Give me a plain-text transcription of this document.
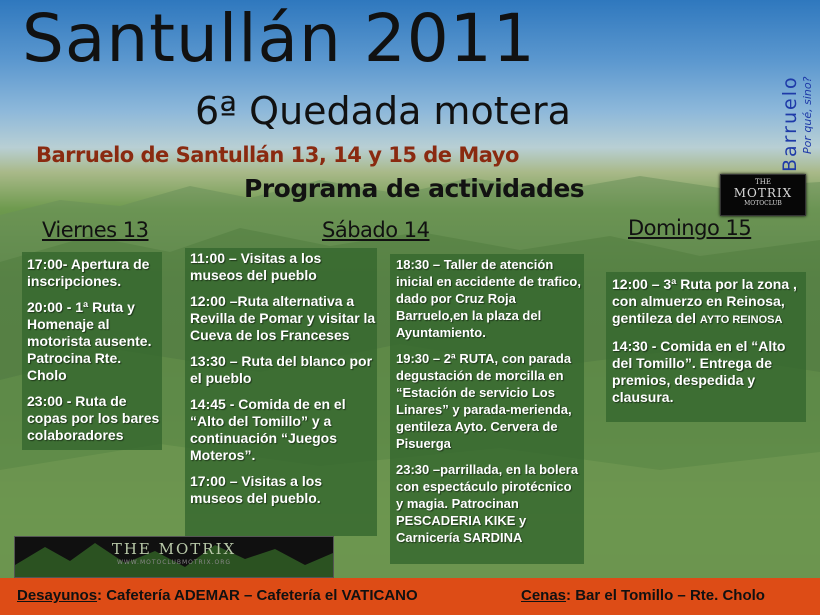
Santullán 2011
6ª Quedada motera
Barruelo de Santullán 13, 14 y 15 de Mayo
Programa de actividades
Barruelo Por qué, sino?
THE
MOTRIX
MOTOCLUB
Viernes 13	Sábado 14	Domingo 15

17:00- Apertura de inscripciones.

20:00 - 1ª Ruta y Homenaje al motorista ausente. Patrocina Rte. Cholo

23:00 - Ruta de copas por los bares colaboradores

11:00 – Visitas a los museos del pueblo

12:00 –Ruta alternativa a Revilla de Pomar y visitar la Cueva de los Franceses

13:30 – Ruta del blanco por el pueblo

14:45 - Comida de en el “Alto del Tomillo” y a continuación “Juegos Moteros”.

17:00 – Visitas a los museos del pueblo.

18:30 – Taller de atención inicial en accidente de trafico, dado por Cruz Roja Barruelo,en la plaza del Ayuntamiento.

19:30 – 2ª RUTA, con parada degustación de morcilla en “Estación de servicio Los Linares” y parada-merienda, gentileza Ayto. Cervera de Pisuerga

23:30 –parrillada, en la bolera con espectáculo pirotécnico y magia. Patrocinan PESCADERIA KIKE y Carnicería SARDINA

12:00 – 3ª Ruta por la zona , con almuerzo en Reinosa, gentileza del AYTO REINOSA

14:30 - Comida en el “Alto del Tomillo”. Entrega de premios, despedida y clausura.

THE MOTRIX
WWW.MOTOCLUBMOTRIX.ORG
Desayunos: Cafetería ADEMAR – Cafetería el VATICANO	Cenas: Bar el Tomillo – Rte. Cholo
